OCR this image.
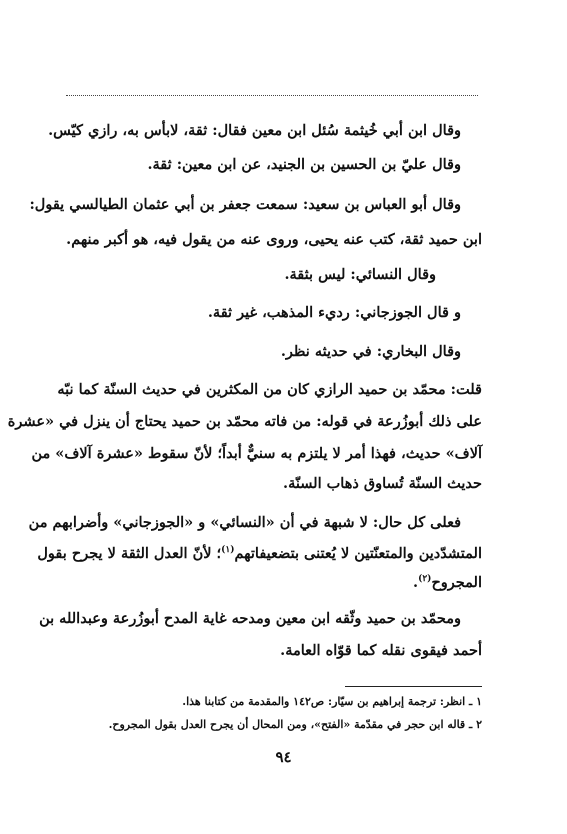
وقال ابن أبي خُيثمة سُئل ابن معين فقال: ثقة، لابأس به، رازي كيّس.
وقال عليّ بن الحسين بن الجنيد، عن ابن معين: ثقة.
وقال أبو العباس بن سعيد: سمعت جعفر بن أبي عثمان الطيالسي يقول:
ابن حميد ثقة، كتب عنه يحيى، وروى عنه من يقول فيه، هو أكبر منهم.
وقال النسائي: ليس بثقة.
و قال الجوزجاني: رديء المذهب، غير ثقة.
وقال البخاري: في حديثه نظر.
قلت: محمّد بن حميد الرازي كان من المكثرين في حديث السنّة كما نبّه
على ذلك أبوزُرعة في قوله: من فاته محمّد بن حميد يحتاج أن ينزل في «عشرة
آلاف» حديث، فهذا أمر لا يلتزم به سنيٌّ أبداً؛ لأنّ سقوط «عشرة آلاف» من
حديث السنّة تُساوق ذهاب السنّة.
فعلى كل حال: لا شبهة في أن «النسائي» و «الجوزجاني» وأضرابهم من
المتشدّدين والمتعنّتين لا يُعتنى بتضعيفاتهم$^{(١)}$؛ لأنّ العدل الثقة لا يجرح بقول
المجروح$^{(٢)}$.
ومحمّد بن حميد وثّقه ابن معين ومدحه غاية المدح أبوزُرعة وعبدالله بن
أحمد فيقوى نقله كما قوّاه العامة.
١ ـ انظر: ترجمة إبراهيم بن سيّار: ص١٤٢ والمقدمة من كتابنا هذا.
٢ ـ قاله ابن حجر في مقدّمة «الفتح»، ومن المحال أن يجرح العدل بقول المجروح.
٩٤
